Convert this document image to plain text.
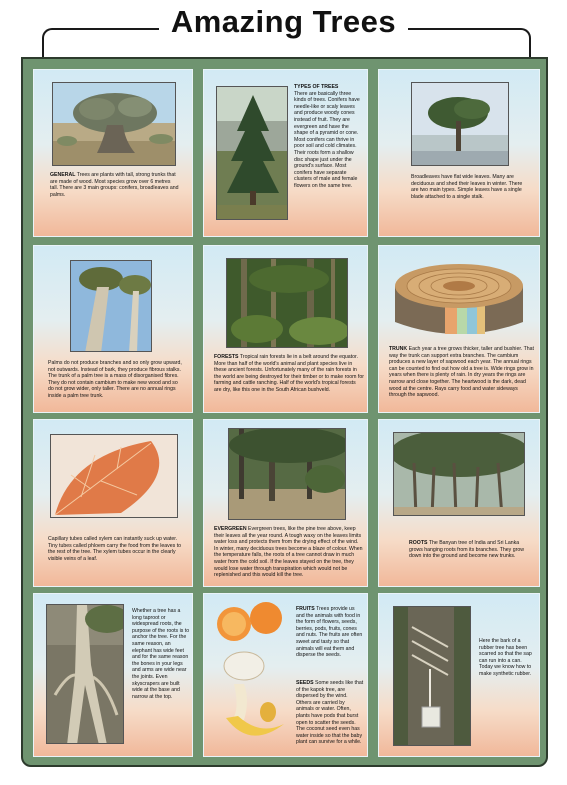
Amazing Trees
GENERAL Trees are plants with tall, strong trunks that are made of wood. Most species grow over 6 metres tall. There are 3 main groups: conifers, broadleaves and palms.
TYPES OF TREES
There are basically three kinds of trees. Conifers have needle-like or scaly leaves and produce woody cones instead of fruit. They are evergreen and have the shape of a pyramid or cone. Most conifers can thrive in poor soil and cold climates. Their roots form a shallow disc shape just under the ground's surface. Most conifers have separate clusters of male and female flowers on the same tree.
Broadleaves have flat wide leaves. Many are deciduous and shed their leaves in winter. There are two main types. Simple leaves have a single blade attached to a single stalk.
Palms do not produce branches and so only grow upward, not outwards. Instead of bark, they produce fibrous stalks. The trunk of a palm tree is a mass of disorganised fibres. They do not contain cambium to make new wood and so do not grow wider, only taller. There are no annual rings inside a palm tree trunk.
FORESTS Tropical rain forests lie in a belt around the equator. More than half of the world's animal and plant species live in these ancient forests. Unfortunately many of the rain forests in the world are being destroyed for their timber or to make room for farming and cattle ranching. Half of the world's tropical forests are dry, like this one in the South African bushveld.
TRUNK Each year a tree grows thicker, taller and bushier. That way the trunk can support extra branches. The cambium produces a new layer of sapwood each year. The annual rings can be counted to find out how old a tree is. Wide rings grow in years when there is plenty of rain. In dry years the rings are narrow and close together. The heartwood is the dark, dead wood at the centre. Rays carry food and water sideways through the sapwood.
Capillary tubes called xylem can instantly suck up water. Tiny tubes called phloem carry the food from the leaves to the rest of the tree. The xylem tubes occur in the clearly visible veins of a leaf.
EVERGREEN Evergreen trees, like the pine tree above, keep their leaves all the year round. A tough waxy on the leaves limits water loss and protects them from the drying effect of the wind. In winter, many deciduous trees become a blaze of colour. When the temperature falls, the roots of a tree cannot draw in much water from the cold soil. If the leaves stayed on the tree, they would lose water through transpiration which would not be replenished and this would kill the tree.
ROOTS The Banyan tree of India and Sri Lanka grows hanging roots from its branches. They grow down into the ground and become new trunks.
Whether a tree has a long taproot or widespread roots, the purpose of the roots is to anchor the tree. For the same reason, an elephant has wide feet and for the same reason the bones in your legs and arms are wide near the joints. Even skyscrapers are built wide at the base and narrow at the top.
FRUITS Trees provide us and the animals with food in the form of flowers, seeds, berries, pods, fruits, cones and nuts. The fruits are often sweet and tasty so that animals will eat them and disperse the seeds.
SEEDS Some seeds like that of the kapok tree, are dispersed by the wind. Others are carried by animals or water. Often, plants have pods that burst open to scatter the seeds. The coconut seed even has water inside so that the baby plant can survive for a while.
Here the bark of a rubber tree has been scarred so that the sap can run into a can. Today we know how to make synthetic rubber.
